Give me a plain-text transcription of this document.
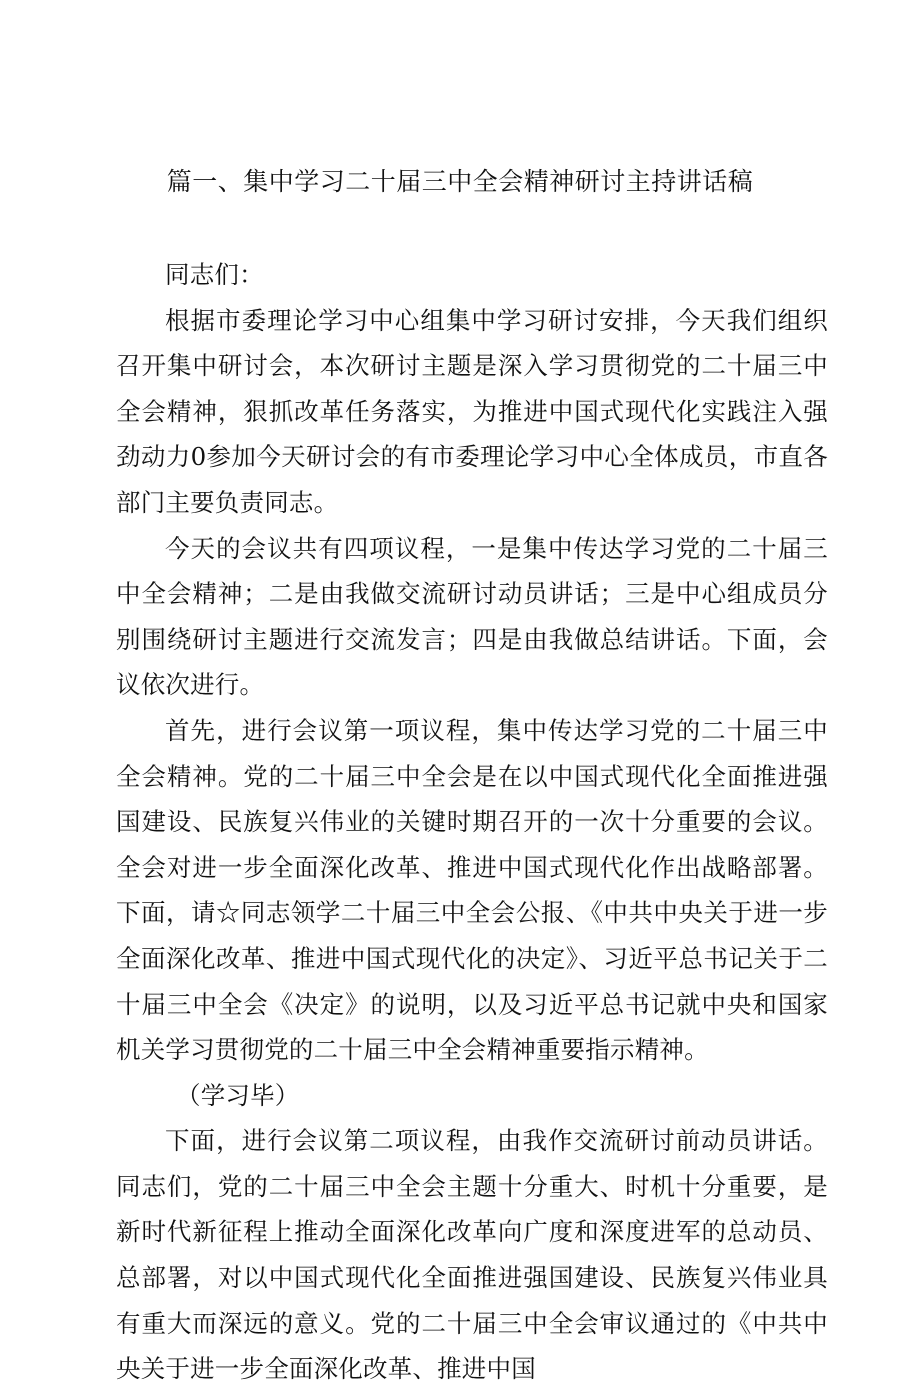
篇一、集中学习二十届三中全会精神研讨主持讲话稿

同志们：

根据市委理论学习中心组集中学习研讨安排，今天我们组织召开集中研讨会，本次研讨主题是深入学习贯彻党的二十届三中全会精神，狠抓改革任务落实，为推进中国式现代化实践注入强劲动力0参加今天研讨会的有市委理论学习中心全体成员，市直各部门主要负责同志。

今天的会议共有四项议程，一是集中传达学习党的二十届三中全会精神；二是由我做交流研讨动员讲话；三是中心组成员分别围绕研讨主题进行交流发言；四是由我做总结讲话。下面，会议依次进行。

首先，进行会议第一项议程，集中传达学习党的二十届三中全会精神。党的二十届三中全会是在以中国式现代化全面推进强国建设、民族复兴伟业的关键时期召开的一次十分重要的会议。全会对进一步全面深化改革、推进中国式现代化作出战略部署。下面，请☆同志领学二十届三中全会公报、《中共中央关于进一步全面深化改革、推进中国式现代化的决定》、习近平总书记关于二十届三中全会《决定》的说明，以及习近平总书记就中央和国家机关学习贯彻党的二十届三中全会精神重要指示精神。

（学习毕）

下面，进行会议第二项议程，由我作交流研讨前动员讲话。同志们，党的二十届三中全会主题十分重大、时机十分重要，是新时代新征程上推动全面深化改革向广度和深度进军的总动员、总部署，对以中国式现代化全面推进强国建设、民族复兴伟业具有重大而深远的意义。党的二十届三中全会审议通过的《中共中央关于进一步全面深化改革、推进中国
